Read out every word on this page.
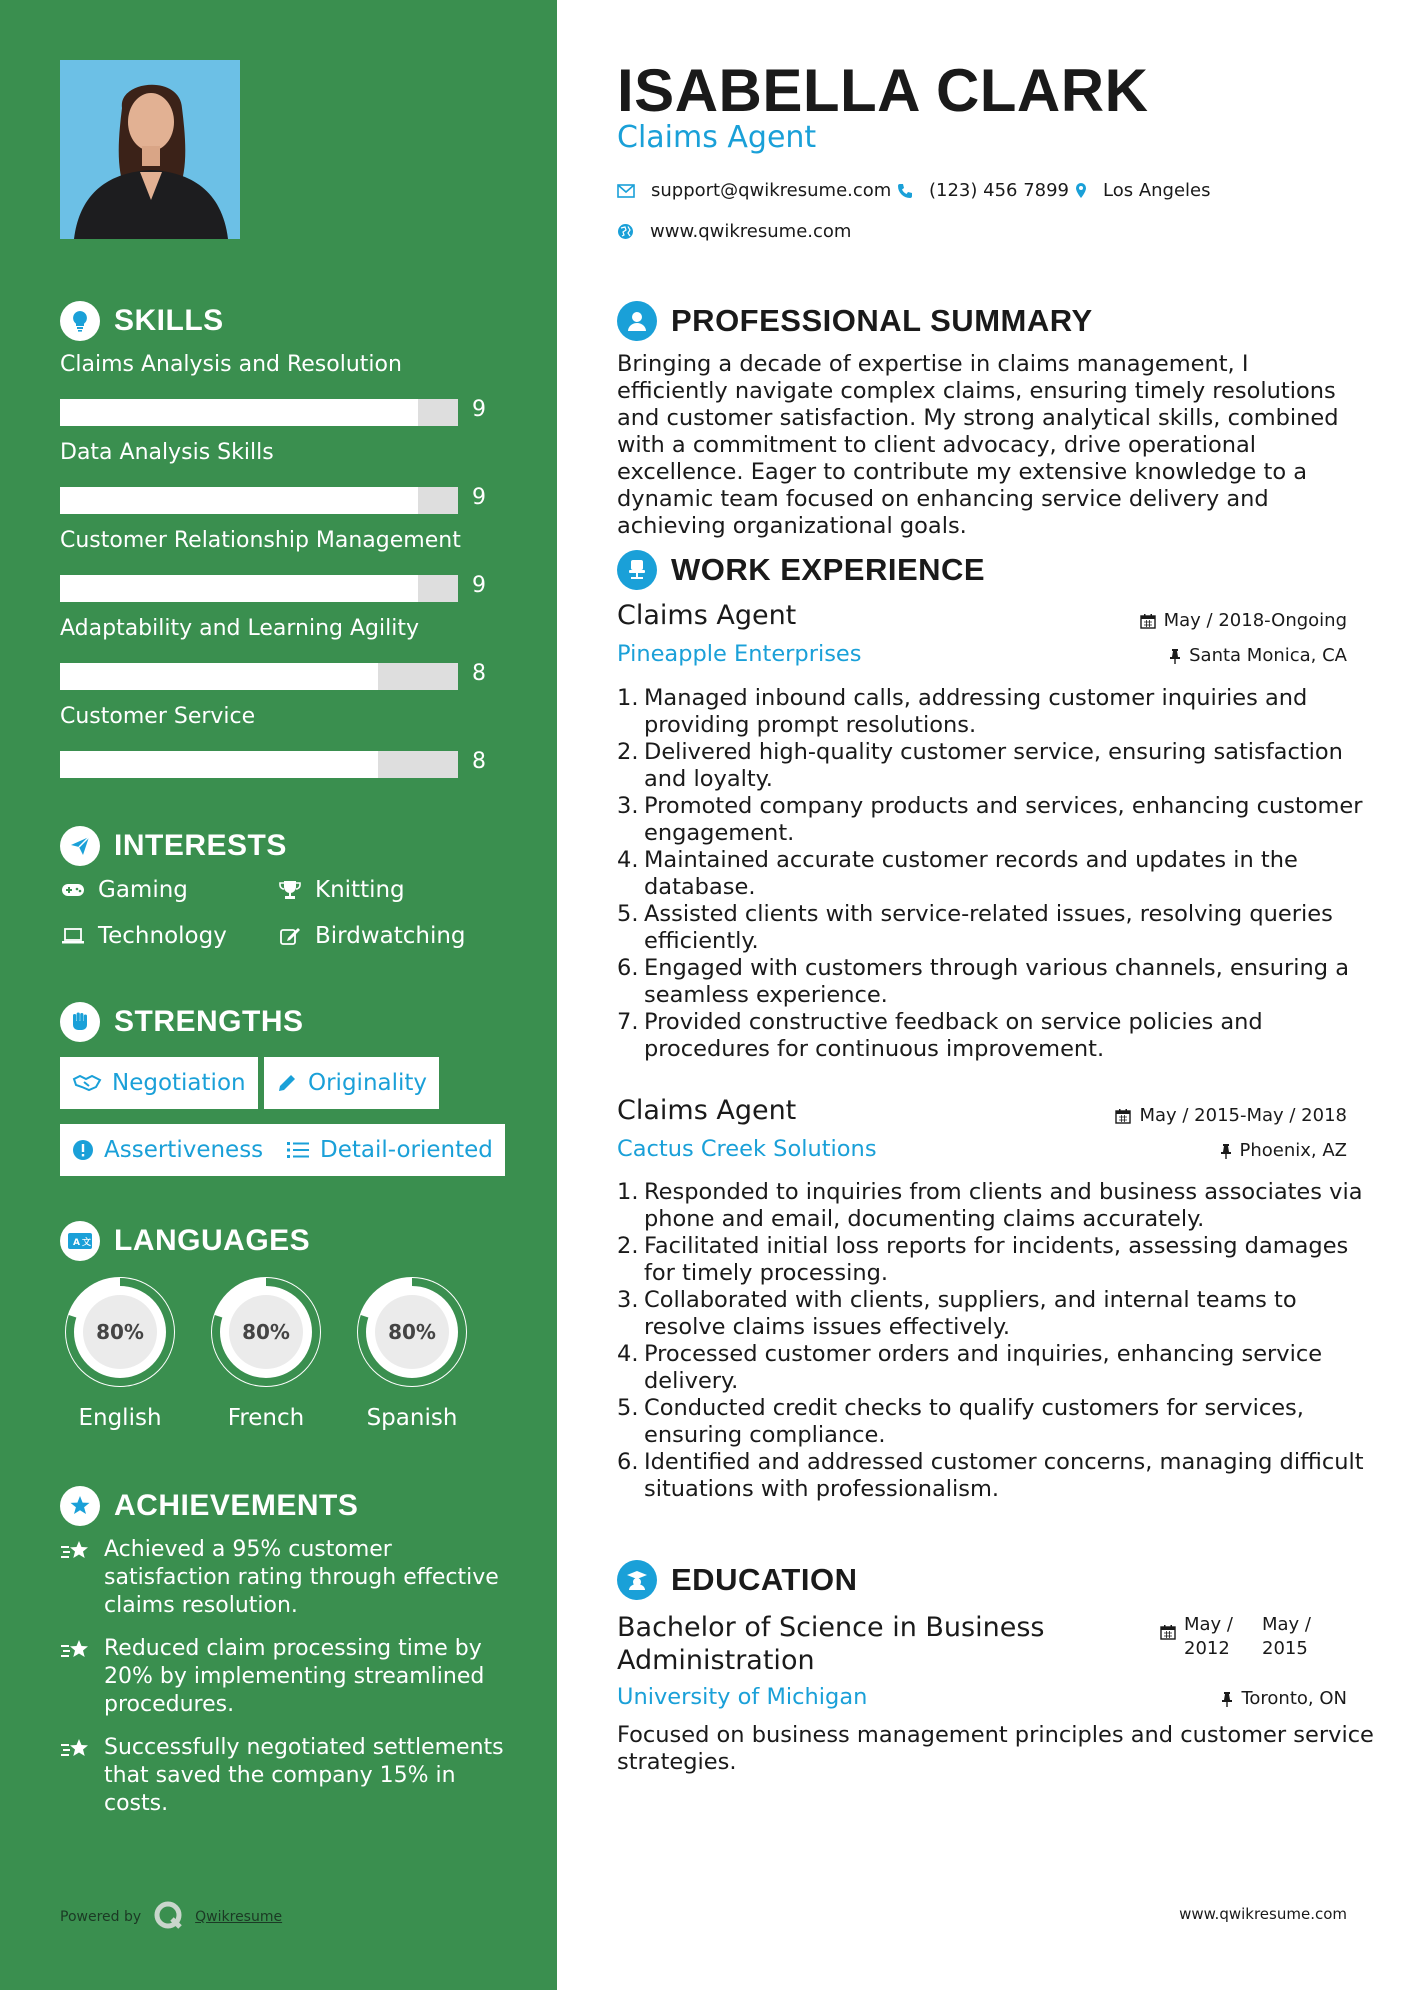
SKILLS
Claims Analysis and Resolution
9
Data Analysis Skills
9
Customer Relationship Management
9
Adaptability and Learning Agility
8
Customer Service
8
INTERESTS
Gaming	Knitting
Technology	Birdwatching
STRENGTHS
Negotiation	Originality
Assertiveness Detail-oriented
A 文 LANGUAGES
80%
English
80%
French
80%
Spanish
ACHIEVEMENTS
Achieved a 95% customer satisfaction rating through effective claims resolution.
Reduced claim processing time by 20% by implementing streamlined procedures.
Successfully negotiated settlements that saved the company 15% in costs.
Powered by	Qwikresume
ISABELLA CLARK
Claims Agent
support@qwikresume.com (123) 456 7899 Los Angeles
www.qwikresume.com
PROFESSIONAL SUMMARY
Bringing a decade of expertise in claims management, I efficiently navigate complex claims, ensuring timely resolutions and customer satisfaction. My strong analytical skills, combined with a commitment to client advocacy, drive operational excellence. Eager to contribute my extensive knowledge to a dynamic team focused on enhancing service delivery and achieving organizational goals.
WORK EXPERIENCE
Claims Agent	May / 2018-Ongoing
Pineapple Enterprises	Santa Monica, CA
1. Managed inbound calls, addressing customer inquiries and providing prompt resolutions.
2. Delivered high-quality customer service, ensuring satisfaction and loyalty.
3. Promoted company products and services, enhancing customer engagement.
4. Maintained accurate customer records and updates in the database.
5. Assisted clients with service-related issues, resolving queries efficiently.
6. Engaged with customers through various channels, ensuring a seamless experience.
7. Provided constructive feedback on service policies and procedures for continuous improvement.
Claims Agent	May / 2015-May / 2018
Cactus Creek Solutions	Phoenix, AZ
1. Responded to inquiries from clients and business associates via phone and email, documenting claims accurately.
2. Facilitated initial loss reports for incidents, assessing damages for timely processing.
3. Collaborated with clients, suppliers, and internal teams to resolve claims issues effectively.
4. Processed customer orders and inquiries, enhancing service delivery.
5. Conducted credit checks to qualify customers for services, ensuring compliance.
6. Identified and addressed customer concerns, managing difficult situations with professionalism.
EDUCATION
Bachelor of Science in Business Administration
May / 2012
May / 2015
University of Michigan	Toronto, ON
Focused on business management principles and customer service strategies.
www.qwikresume.com
